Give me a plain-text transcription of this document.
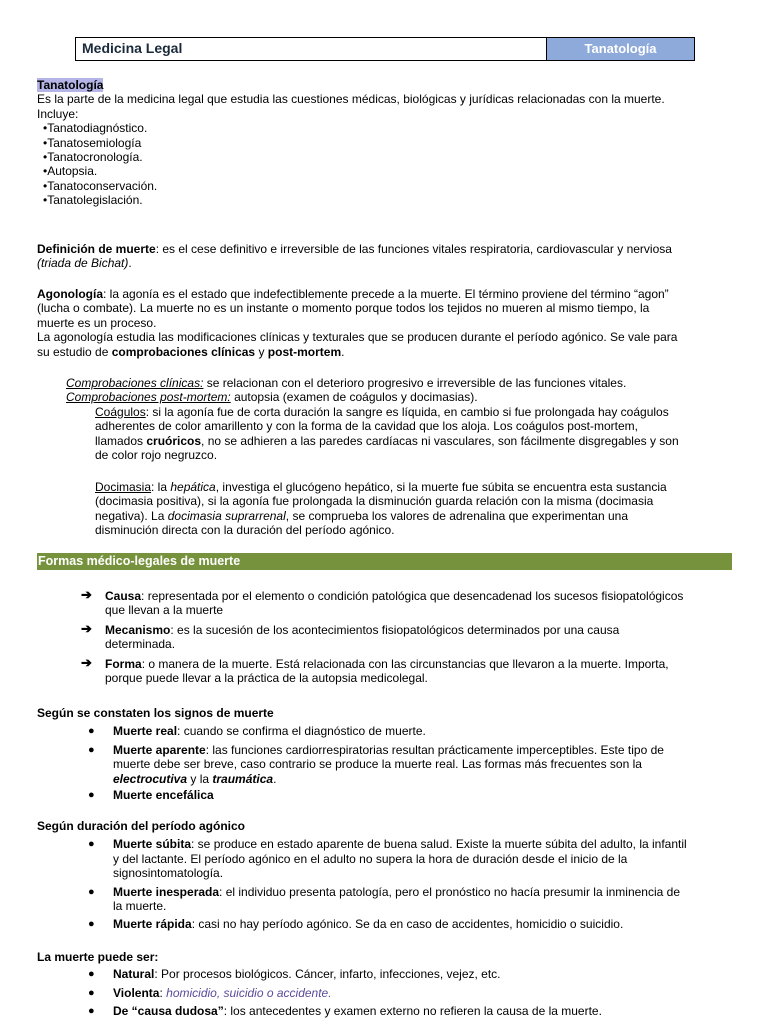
Medicina Legal	Tanatología

Tanatología

Es la parte de la medicina legal que estudia las cuestiones médicas, biológicas y jurídicas relacionadas con la muerte.

Incluye:

•Tanatodiagnóstico.
•Tanatosemiología
•Tanatocronología.
•Autopsia.
•Tanatoconservación.
•Tanatolegislación.

Definición de muerte: es el cese definitivo e irreversible de las funciones vitales respiratoria, cardiovascular y nerviosa

(triada de Bichat).

Agonología: la agonía es el estado que indefectiblemente precede a la muerte. El término proviene del término “agon”

(lucha o combate). La muerte no es un instante o momento porque todos los tejidos no mueren al mismo tiempo, la

muerte es un proceso.

La agonología estudia las modificaciones clínicas y texturales que se producen durante el período agónico. Se vale para

su estudio de comprobaciones clínicas y post-mortem.

Comprobaciones clínicas: se relacionan con el deterioro progresivo e irreversible de las funciones vitales.

Comprobaciones post-mortem: autopsia (examen de coágulos y docimasias).

Coágulos: si la agonía fue de corta duración la sangre es líquida, en cambio si fue prolongada hay coágulos

adherentes de color amarillento y con la forma de la cavidad que los aloja. Los coágulos post-mortem,

llamados cruóricos, no se adhieren a las paredes cardíacas ni vasculares, son fácilmente disgregables y son

de color rojo negruzco.

Docimasia: la hepática, investiga el glucógeno hepático, si la muerte fue súbita se encuentra esta sustancia

(docimasia positiva), si la agonía fue prolongada la disminución guarda relación con la misma (docimasia

negativa). La docimasia suprarrenal, se comprueba los valores de adrenalina que experimentan una

disminución directa con la duración del período agónico.

Formas médico-legales de muerte
➔ Causa: representada por el elemento o condición patológica que desencadenad los sucesos fisiopatológicos

que llevan a la muerte

➔ Mecanismo: es la sucesión de los acontecimientos fisiopatológicos determinados por una causa

determinada.

➔ Forma: o manera de la muerte. Está relacionada con las circunstancias que llevaron a la muerte. Importa,

porque puede llevar a la práctica de la autopsia medicolegal.

Según se constaten los signos de muerte

● Muerte real: cuando se confirma el diagnóstico de muerte.

● Muerte aparente: las funciones cardiorrespiratorias resultan prácticamente imperceptibles. Este tipo de

muerte debe ser breve, caso contrario se produce la muerte real. Las formas más frecuentes son la

electrocutiva y la traumática.

● Muerte encefálica

Según duración del período agónico

● Muerte súbita: se produce en estado aparente de buena salud. Existe la muerte súbita del adulto, la infantil

y del lactante. El período agónico en el adulto no supera la hora de duración desde el inicio de la

signosintomatología.

● Muerte inesperada: el individuo presenta patología, pero el pronóstico no hacía presumir la inminencia de

la muerte.

● Muerte rápida: casi no hay período agónico. Se da en caso de accidentes, homicidio o suicidio.

La muerte puede ser:

● Natural: Por procesos biológicos. Cáncer, infarto, infecciones, vejez, etc.

● Violenta: homicidio, suicidio o accidente.

● De “causa dudosa”: los antecedentes y examen externo no refieren la causa de la muerte.
